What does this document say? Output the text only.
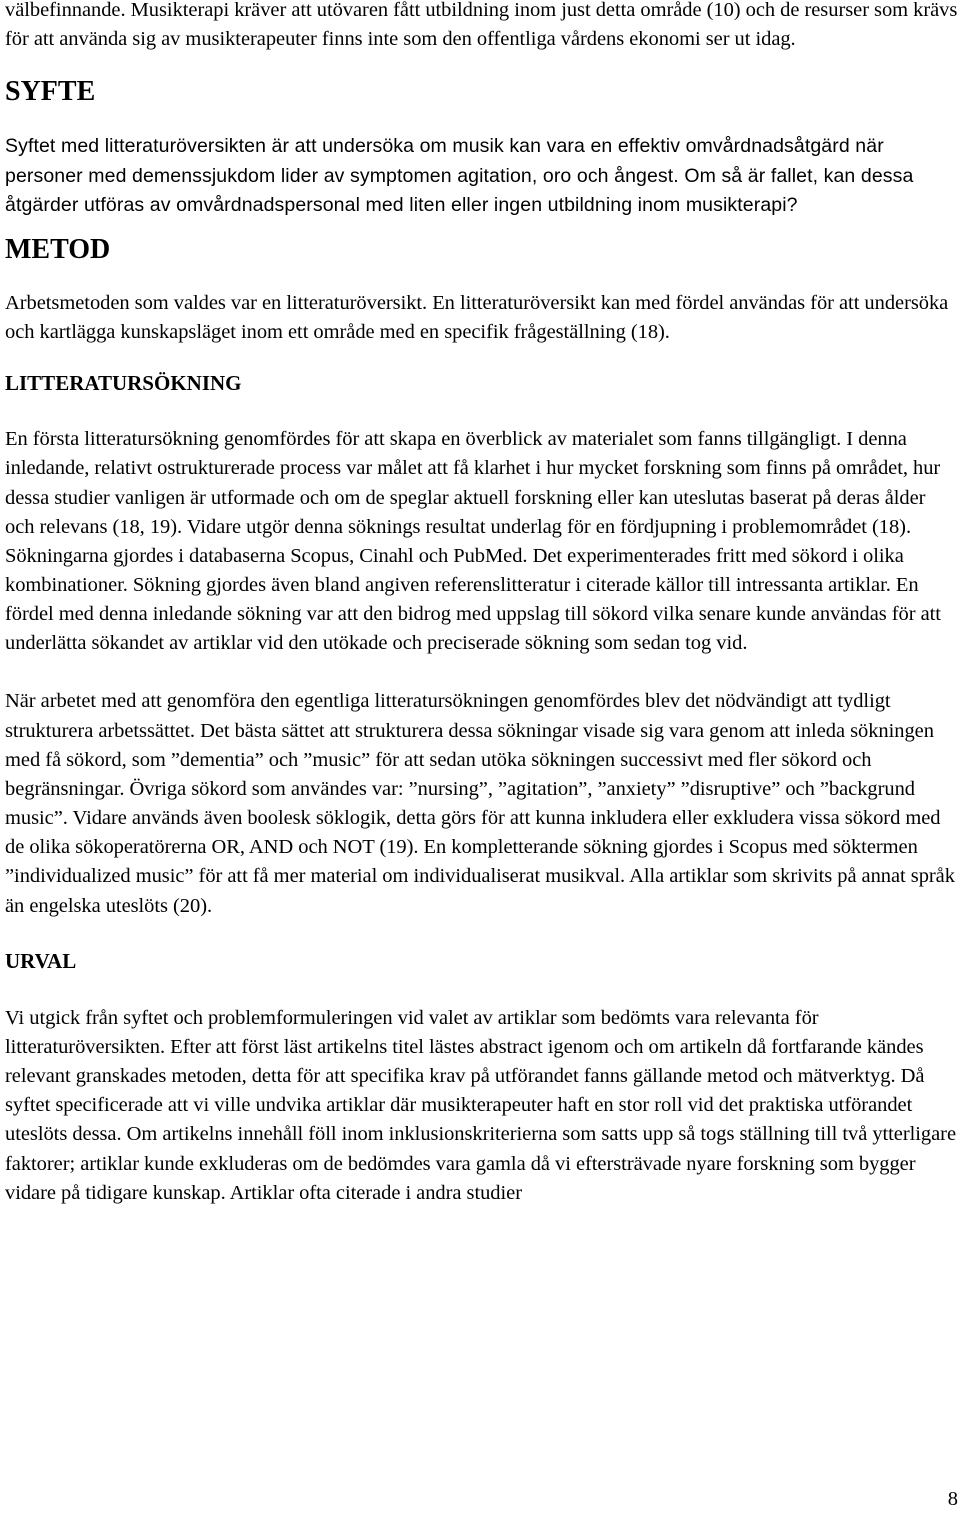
välbefinnande. Musikterapi kräver att utövaren fått utbildning inom just detta område (10) och de resurser som krävs för att använda sig av musikterapeuter finns inte som den offentliga vårdens ekonomi ser ut idag.

SYFTE

Syftet med litteraturöversikten är att undersöka om musik kan vara en effektiv omvårdnadsåtgärd när personer med demenssjukdom lider av symptomen agitation, oro och ångest. Om så är fallet, kan dessa åtgärder utföras av omvårdnadspersonal med liten eller ingen utbildning inom musikterapi?

METOD

Arbetsmetoden som valdes var en litteraturöversikt. En litteraturöversikt kan med fördel användas för att undersöka och kartlägga kunskapsläget inom ett område med en specifik frågeställning (18).

LITTERATURSÖKNING

En första litteratursökning genomfördes för att skapa en överblick av materialet som fanns tillgängligt. I denna inledande, relativt ostrukturerade process var målet att få klarhet i hur mycket forskning som finns på området, hur dessa studier vanligen är utformade och om de speglar aktuell forskning eller kan uteslutas baserat på deras ålder och relevans (18, 19). Vidare utgör denna söknings resultat underlag för en fördjupning i problemområdet (18). Sökningarna gjordes i databaserna Scopus, Cinahl och PubMed. Det experimenterades fritt med sökord i olika kombinationer. Sökning gjordes även bland angiven referenslitteratur i citerade källor till intressanta artiklar. En fördel med denna inledande sökning var att den bidrog med uppslag till sökord vilka senare kunde användas för att underlätta sökandet av artiklar vid den utökade och preciserade sökning som sedan tog vid.

När arbetet med att genomföra den egentliga litteratursökningen genomfördes blev det nödvändigt att tydligt strukturera arbetssättet. Det bästa sättet att strukturera dessa sökningar visade sig vara genom att inleda sökningen med få sökord, som ”dementia” och ”music” för att sedan utöka sökningen successivt med fler sökord och begränsningar. Övriga sökord som användes var: ”nursing”, ”agitation”, ”anxiety” ”disruptive” och ”backgrund music”. Vidare används även boolesk söklogik, detta görs för att kunna inkludera eller exkludera vissa sökord med de olika sökoperatörerna OR, AND och NOT (19). En kompletterande sökning gjordes i Scopus med söktermen ”individualized music” för att få mer material om individualiserat musikval. Alla artiklar som skrivits på annat språk än engelska uteslöts (20).

URVAL

Vi utgick från syftet och problemformuleringen vid valet av artiklar som bedömts vara relevanta för litteraturöversikten. Efter att först läst artikelns titel lästes abstract igenom och om artikeln då fortfarande kändes relevant granskades metoden, detta för att specifika krav på utförandet fanns gällande metod och mätverktyg. Då syftet specificerade att vi ville undvika artiklar där musikterapeuter haft en stor roll vid det praktiska utförandet uteslöts dessa. Om artikelns innehåll föll inom inklusionskriterierna som satts upp så togs ställning till två ytterligare faktorer; artiklar kunde exkluderas om de bedömdes vara gamla då vi eftersträvade nyare forskning som bygger vidare på tidigare kunskap. Artiklar ofta citerade i andra studier

8
